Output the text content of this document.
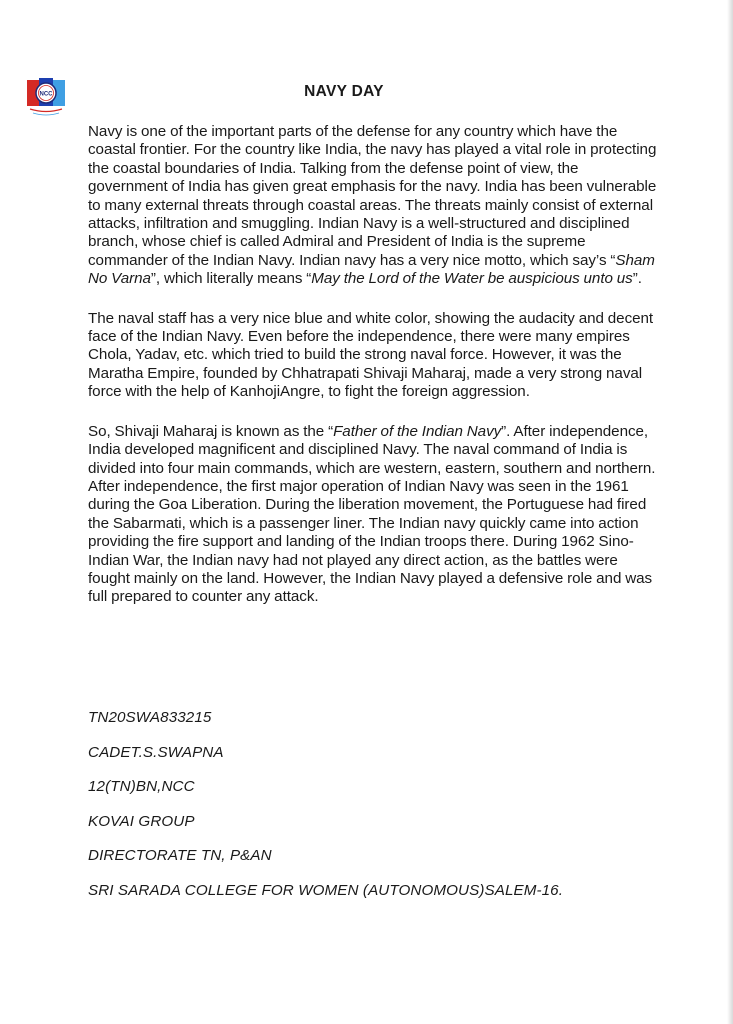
NCC	NAVY DAY

Navy is one of the important parts of the defense for any country which have the coastal frontier. For the country like India, the navy has played a vital role in protecting the coastal boundaries of India. Talking from the defense point of view, the government of India has given great emphasis for the navy. India has been vulnerable to many external threats through coastal areas. The threats mainly consist of external attacks, infiltration and smuggling. Indian Navy is a well-structured and disciplined branch, whose chief is called Admiral and President of India is the supreme commander of the Indian Navy. Indian navy has a very nice motto, which say’s “Sham No Varna”, which literally means “May the Lord of the Water be auspicious unto us”.

The naval staff has a very nice blue and white color, showing the audacity and decent face of the Indian Navy. Even before the independence, there were many empires Chola, Yadav, etc. which tried to build the strong naval force. However, it was the Maratha Empire, founded by Chhatrapati Shivaji Maharaj, made a very strong naval force with the help of KanhojiAngre, to fight the foreign aggression.

So, Shivaji Maharaj is known as the “Father of the Indian Navy”. After independence, India developed magnificent and disciplined Navy. The naval command of India is divided into four main commands, which are western, eastern, southern and northern. After independence, the first major operation of Indian Navy was seen in the 1961 during the Goa Liberation. During the liberation movement, the Portuguese had fired the Sabarmati, which is a passenger liner. The Indian navy quickly came into action providing the fire support and landing of the Indian troops there. During 1962 Sino-Indian War, the Indian navy had not played any direct action, as the battles were fought mainly on the land. However, the Indian Navy played a defensive role and was full prepared to counter any attack.

TN20SWA833215
CADET.S.SWAPNA
12(TN)BN,NCC
KOVAI GROUP
DIRECTORATE TN, P&AN
SRI SARADA COLLEGE FOR WOMEN (AUTONOMOUS)SALEM-16.
